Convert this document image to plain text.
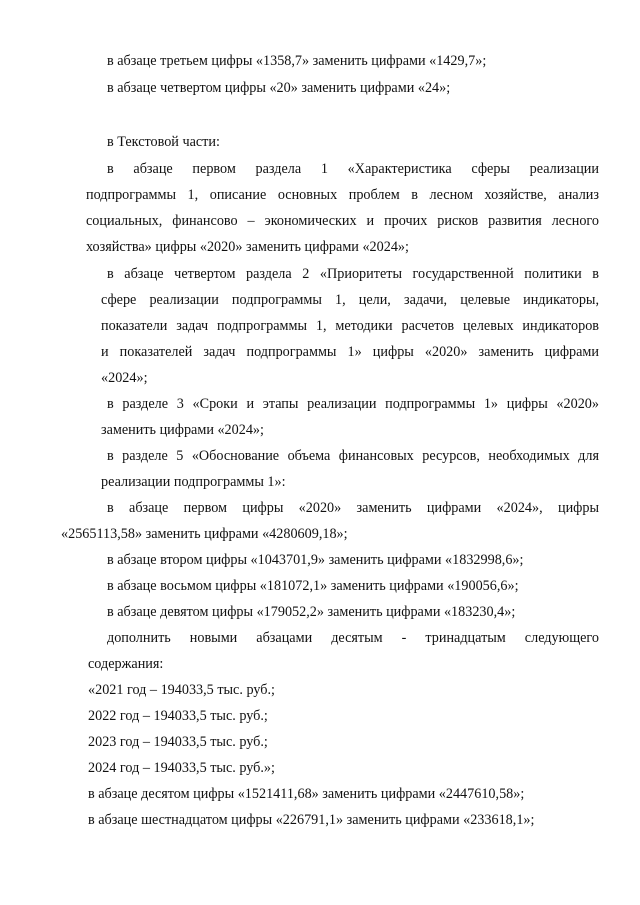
в абзаце третьем цифры «1358,7» заменить цифрами «1429,7»;
в абзаце четвертом цифры «20» заменить цифрами «24»;
в Текстовой части:
в абзаце первом раздела 1 «Характеристика сферы реализации
подпрограммы 1, описание основных проблем в лесном хозяйстве, анализ
социальных, финансово – экономических и прочих рисков развития лесного
хозяйства» цифры «2020» заменить цифрами «2024»;
в абзаце четвертом раздела 2 «Приоритеты государственной политики в
сфере реализации подпрограммы 1, цели, задачи, целевые индикаторы,
показатели задач подпрограммы 1, методики расчетов целевых индикаторов
и показателей задач подпрограммы 1» цифры «2020» заменить цифрами
«2024»;
в разделе 3 «Сроки и этапы реализации подпрограммы 1» цифры «2020»
заменить цифрами «2024»;
в разделе 5 «Обоснование объема финансовых ресурсов, необходимых для
реализации подпрограммы 1»:
в абзаце первом цифры «2020» заменить цифрами «2024», цифры
«2565113,58» заменить цифрами «4280609,18»;
в абзаце втором цифры «1043701,9» заменить цифрами «1832998,6»;
в абзаце восьмом цифры «181072,1» заменить цифрами «190056,6»;
в абзаце девятом цифры «179052,2» заменить цифрами «183230,4»;
дополнить новыми абзацами десятым - тринадцатым следующего
содержания:
«2021 год – 194033,5 тыс. руб.;
2022 год – 194033,5 тыс. руб.;
2023 год – 194033,5 тыс. руб.;
2024 год – 194033,5 тыс. руб.»;
в абзаце десятом цифры «1521411,68» заменить цифрами «2447610,58»;
в абзаце шестнадцатом цифры «226791,1» заменить цифрами «233618,1»;
